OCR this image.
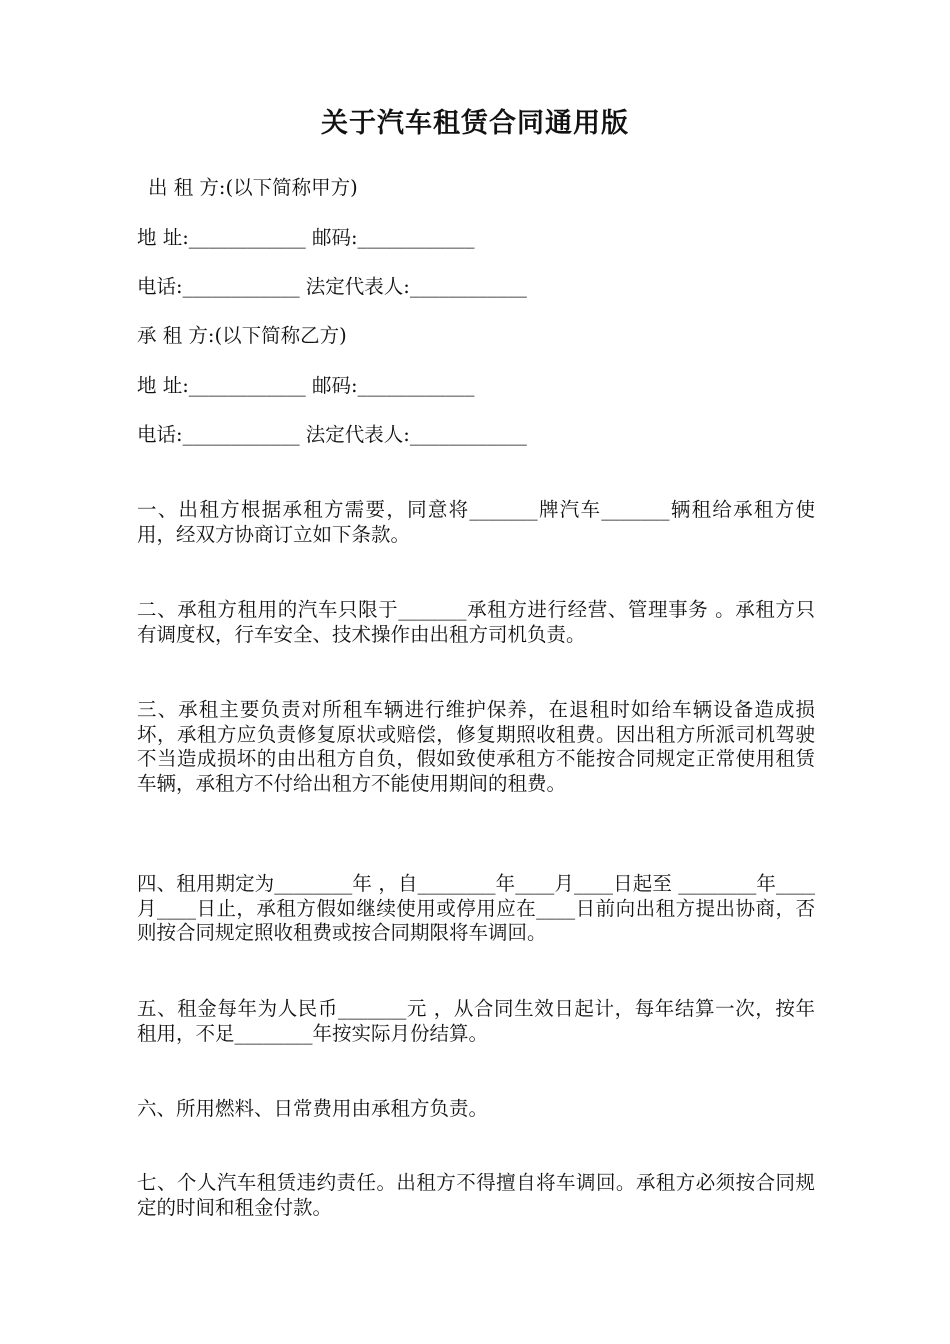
关于汽车租赁合同通用版
出 租 方:(以下简称甲方)
地 址:____________ 邮码:____________
电话:____________ 法定代表人:____________
承 租 方:(以下简称乙方)
地 址:____________ 邮码:____________
电话:____________ 法定代表人:____________
一、出租方根据承租方需要，同意将_______牌汽车_______辆租给承租方使用，经双方协商订立如下条款。
二、承租方租用的汽车只限于_______承租方进行经营、管理事务 。承租方只有调度权，行车安全、技术操作由出租方司机负责。
三、承租主要负责对所租车辆进行维护保养，在退租时如给车辆设备造成损坏，承租方应负责修复原状或赔偿，修复期照收租费。因出租方所派司机驾驶不当造成损坏的由出租方自负，假如致使承租方不能按合同规定正常使用租赁车辆，承租方不付给出租方不能使用期间的租费。
四、租用期定为________年 ，自________年____月____日起至 ________年____月____日止，承租方假如继续使用或停用应在____日前向出租方提出协商，否则按合同规定照收租费或按合同期限将车调回。
五、租金每年为人民币_______元 ，从合同生效日起计，每年结算一次，按年租用，不足________年按实际月份结算。
六、所用燃料、日常费用由承租方负责。
七、个人汽车租赁违约责任。出租方不得擅自将车调回。承租方必须按合同规定的时间和租金付款。
